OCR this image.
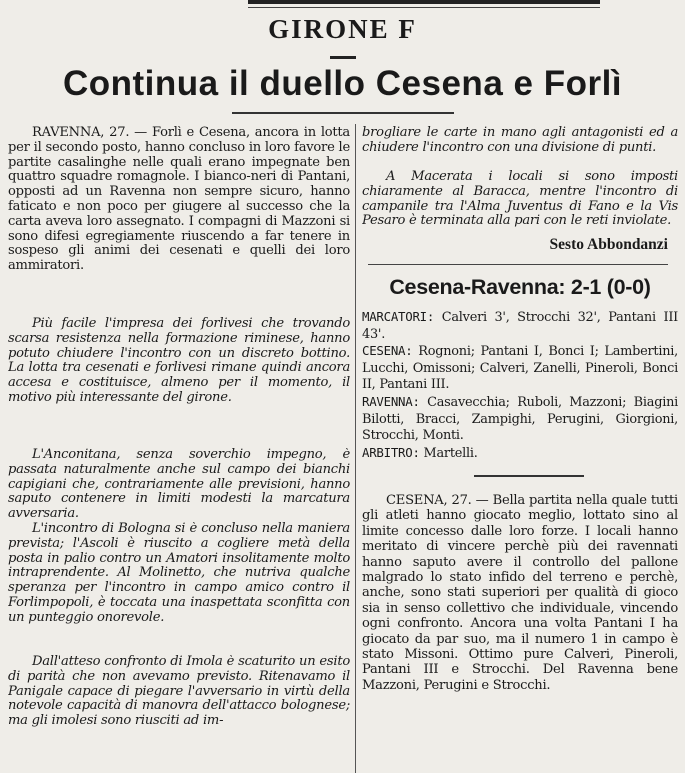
GIRONE F
Continua il duello Cesena e Forlì

RAVENNA, 27. — Forlì e Cesena, ancora in lotta per il secondo posto, hanno concluso in loro favore le partite casalinghe nelle quali erano impegnate ben quattro squadre romagnole. I bianco-neri di Pantani, opposti ad un Ravenna non sempre sicuro, hanno faticato e non poco per giugere al successo che la carta aveva loro assegnato. I compagni di Mazzoni si sono difesi egregiamente riuscendo a far tenere in sospeso gli animi dei cesenati e quelli dei loro ammiratori.

Più facile l'impresa dei forlivesi che trovando scarsa resistenza nella formazione riminese, hanno potuto chiudere l'incontro con un discreto bottino. La lotta tra cesenati e forlivesi rimane quindi ancora accesa e costituisce, almeno per il momento, il motivo più interessante del girone.

L'Anconitana, senza soverchio impegno, è passata naturalmente anche sul campo dei bianchi capigiani che, contrariamente alle previsioni, hanno saputo contenere in limiti modesti la marcatura avversaria.

L'incontro di Bologna si è concluso nella maniera prevista; l'Ascoli è riuscito a cogliere metà della posta in palio contro un Amatori insolitamente molto intraprendente. Al Molinetto, che nutriva qualche speranza per l'incontro in campo amico contro il Forlimpopoli, è toccata una inaspettata sconfitta con un punteggio onorevole.

Dall'atteso confronto di Imola è scaturito un esito di parità che non avevamo previsto. Ritenavamo il Panigale capace di piegare l'avversario in virtù della notevole capacità di manovra dell'attacco bolognese; ma gli imolesi sono riusciti ad im-

brogliare le carte in mano agli antagonisti ed a chiudere l'incontro con una divisione di punti.

A Macerata i locali si sono imposti chiaramente al Baracca, mentre l'incontro di campanile tra l'Alma Juventus di Fano e la Vis Pesaro è terminata alla pari con le reti inviolate.

Sesto Abbondanzi
Cesena-Ravenna: 2-1 (0-0)

MARCATORI: Calveri 3', Strocchi 32', Pantani III 43'.

CESENA: Rognoni; Pantani I, Bonci I; Lambertini, Lucchi, Omissoni; Calveri, Zanelli, Pineroli, Bonci II, Pantani III.

RAVENNA: Casavecchia; Ruboli, Mazzoni; Biagini Bilotti, Bracci, Zampighi, Perugini, Giorgioni, Strocchi, Monti.

ARBITRO: Martelli.

CESENA, 27. — Bella partita nella quale tutti gli atleti hanno giocato meglio, lottato sino al limite concesso dalle loro forze. I locali hanno meritato di vincere perchè più dei ravennati hanno saputo avere il controllo del pallone malgrado lo stato infido del terreno e perchè, anche, sono stati superiori per qualità di gioco sia in senso collettivo che individuale, vincendo ogni confronto. Ancora una volta Pantani I ha giocato da par suo, ma il numero 1 in campo è stato Missoni. Ottimo pure Calveri, Pineroli, Pantani III e Strocchi. Del Ravenna bene Mazzoni, Perugini e Strocchi.
